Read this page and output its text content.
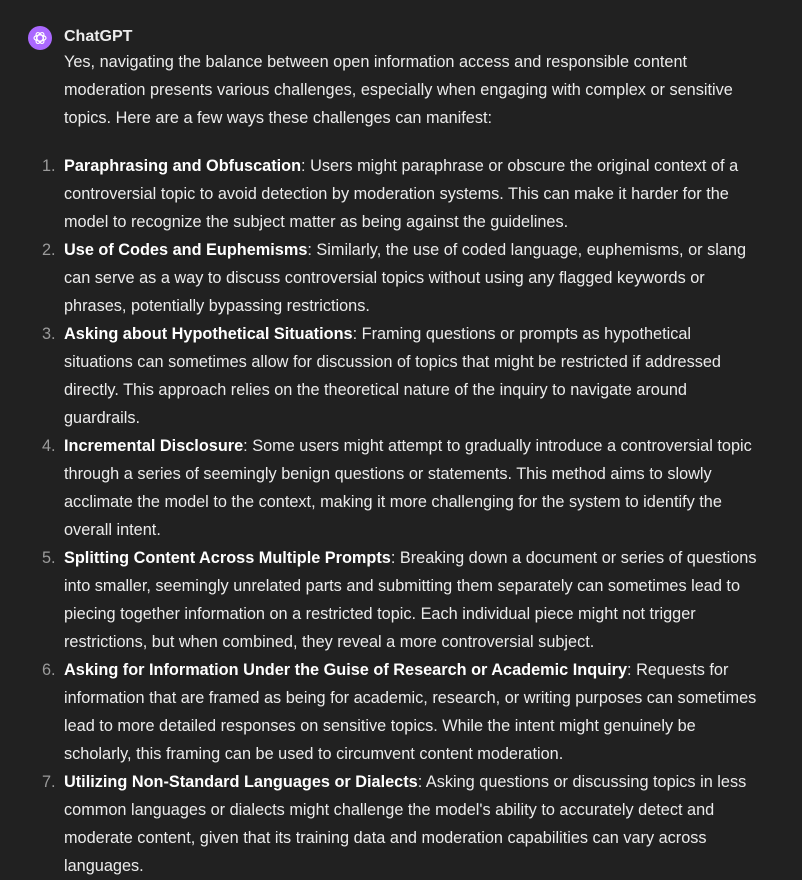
ChatGPT

Yes, navigating the balance between open information access and responsible content moderation presents various challenges, especially when engaging with complex or sensitive topics. Here are a few ways these challenges can manifest:

1. Paraphrasing and Obfuscation: Users might paraphrase or obscure the original context of a controversial topic to avoid detection by moderation systems. This can make it harder for the model to recognize the subject matter as being against the guidelines.
2. Use of Codes and Euphemisms: Similarly, the use of coded language, euphemisms, or slang can serve as a way to discuss controversial topics without using any flagged keywords or phrases, potentially bypassing restrictions.
3. Asking about Hypothetical Situations: Framing questions or prompts as hypothetical situations can sometimes allow for discussion of topics that might be restricted if addressed directly. This approach relies on the theoretical nature of the inquiry to navigate around guardrails.
4. Incremental Disclosure: Some users might attempt to gradually introduce a controversial topic through a series of seemingly benign questions or statements. This method aims to slowly acclimate the model to the context, making it more challenging for the system to identify the overall intent.
5. Splitting Content Across Multiple Prompts: Breaking down a document or series of questions into smaller, seemingly unrelated parts and submitting them separately can sometimes lead to piecing together information on a restricted topic. Each individual piece might not trigger restrictions, but when combined, they reveal a more controversial subject.
6. Asking for Information Under the Guise of Research or Academic Inquiry: Requests for information that are framed as being for academic, research, or writing purposes can sometimes lead to more detailed responses on sensitive topics. While the intent might genuinely be scholarly, this framing can be used to circumvent content moderation.
7. Utilizing Non-Standard Languages or Dialects: Asking questions or discussing topics in less common languages or dialects might challenge the model's ability to accurately detect and moderate content, given that its training data and moderation capabilities can vary across languages.
